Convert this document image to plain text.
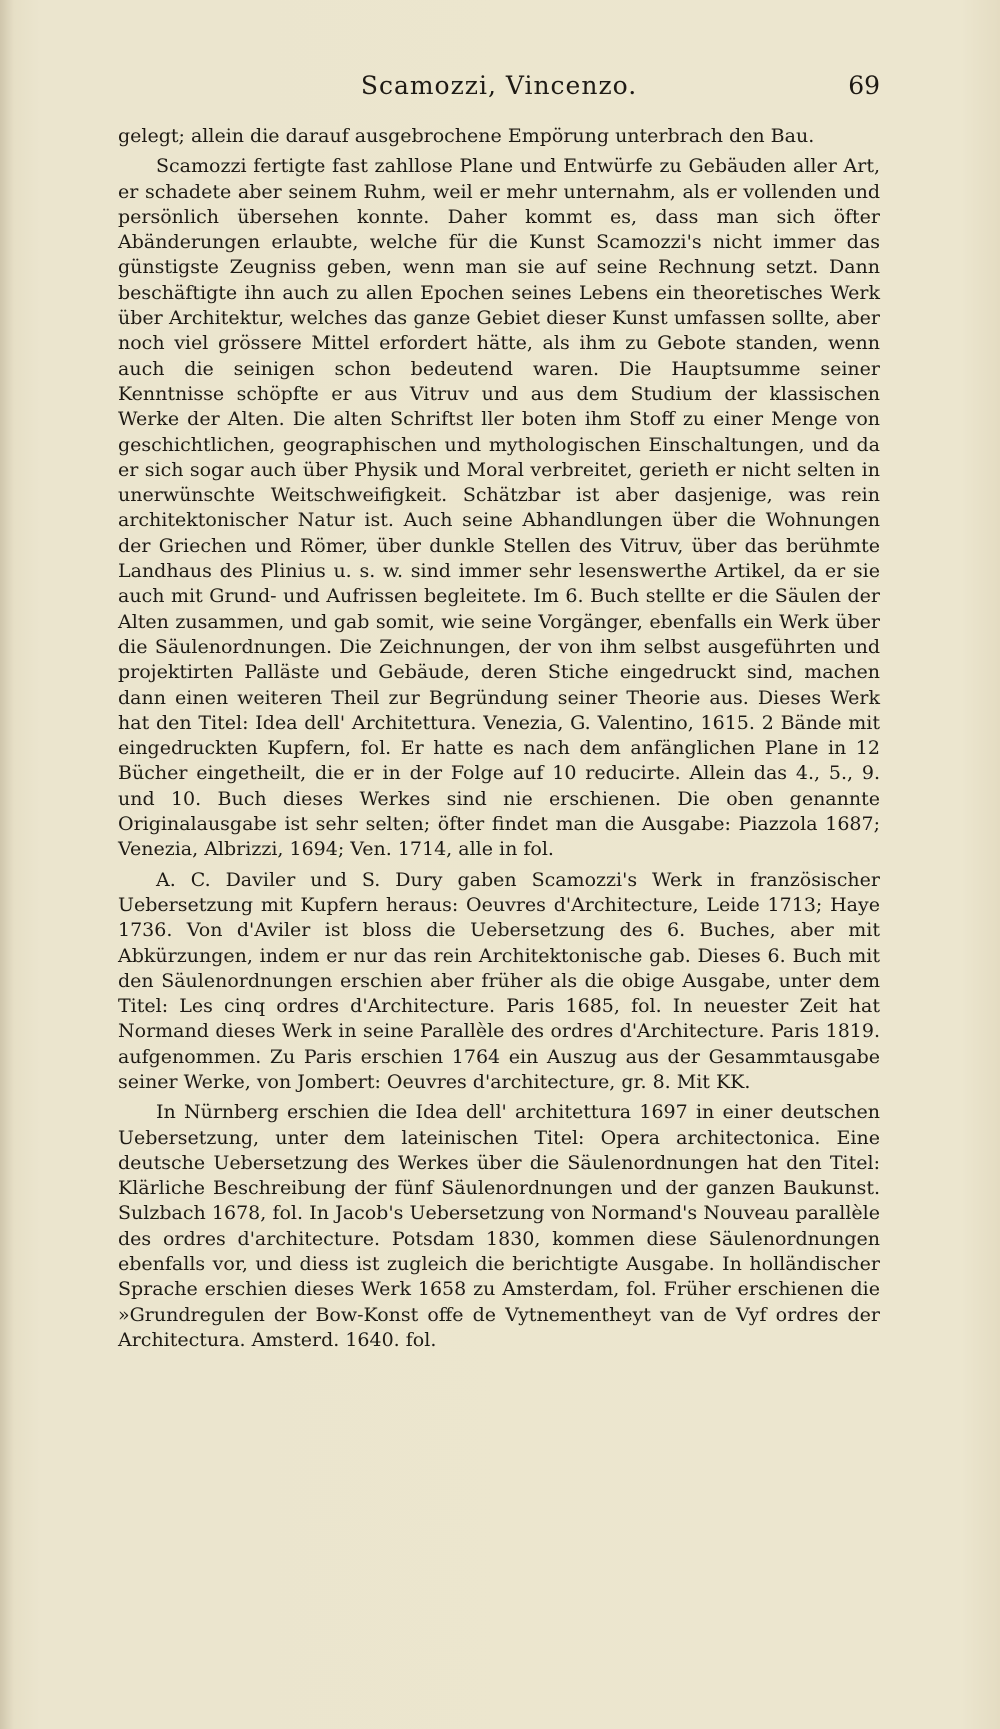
Scamozzi, Vincenzo.	69

gelegt; allein die darauf ausgebrochene Empörung unterbrach den Bau.

Scamozzi fertigte fast zahllose Plane und Entwürfe zu Gebäuden aller Art, er schadete aber seinem Ruhm, weil er mehr unternahm, als er vollenden und persönlich übersehen konnte. Daher kommt es, dass man sich öfter Abänderungen erlaubte, welche für die Kunst Scamozzi's nicht immer das günstigste Zeugniss geben, wenn man sie auf seine Rechnung setzt. Dann beschäftigte ihn auch zu allen Epochen seines Lebens ein theoretisches Werk über Architektur, welches das ganze Gebiet dieser Kunst umfassen sollte, aber noch viel grössere Mittel erfordert hätte, als ihm zu Gebote standen, wenn auch die seinigen schon bedeutend waren. Die Hauptsumme seiner Kenntnisse schöpfte er aus Vitruv und aus dem Studium der klassischen Werke der Alten. Die alten Schriftst ller boten ihm Stoff zu einer Menge von geschichtlichen, geographischen und mythologischen Einschaltungen, und da er sich sogar auch über Physik und Moral verbreitet, gerieth er nicht selten in unerwünschte Weitschweifigkeit. Schätzbar ist aber dasjenige, was rein architektonischer Natur ist. Auch seine Abhandlungen über die Wohnungen der Griechen und Römer, über dunkle Stellen des Vitruv, über das berühmte Landhaus des Plinius u. s. w. sind immer sehr lesenswerthe Artikel, da er sie auch mit Grund- und Aufrissen begleitete. Im 6. Buch stellte er die Säulen der Alten zusammen, und gab somit, wie seine Vorgänger, ebenfalls ein Werk über die Säulenordnungen. Die Zeichnungen, der von ihm selbst ausgeführten und projektirten Palläste und Gebäude, deren Stiche eingedruckt sind, machen dann einen weiteren Theil zur Begründung seiner Theorie aus. Dieses Werk hat den Titel: Idea dell' Architettura. Venezia, G. Valentino, 1615. 2 Bände mit eingedruckten Kupfern, fol. Er hatte es nach dem anfänglichen Plane in 12 Bücher eingetheilt, die er in der Folge auf 10 reducirte. Allein das 4., 5., 9. und 10. Buch dieses Werkes sind nie erschienen. Die oben genannte Originalausgabe ist sehr selten; öfter findet man die Ausgabe: Piazzola 1687; Venezia, Albrizzi, 1694; Ven. 1714, alle in fol.

A. C. Daviler und S. Dury gaben Scamozzi's Werk in französischer Uebersetzung mit Kupfern heraus: Oeuvres d'Architecture, Leide 1713; Haye 1736. Von d'Aviler ist bloss die Uebersetzung des 6. Buches, aber mit Abkürzungen, indem er nur das rein Architektonische gab. Dieses 6. Buch mit den Säulenordnungen erschien aber früher als die obige Ausgabe, unter dem Titel: Les cinq ordres d'Architecture. Paris 1685, fol. In neuester Zeit hat Normand dieses Werk in seine Parallèle des ordres d'Architecture. Paris 1819. aufgenommen. Zu Paris erschien 1764 ein Auszug aus der Gesammtausgabe seiner Werke, von Jombert: Oeuvres d'architecture, gr. 8. Mit KK.

In Nürnberg erschien die Idea dell' architettura 1697 in einer deutschen Uebersetzung, unter dem lateinischen Titel: Opera architectonica. Eine deutsche Uebersetzung des Werkes über die Säulenordnungen hat den Titel: Klärliche Beschreibung der fünf Säulenordnungen und der ganzen Baukunst. Sulzbach 1678, fol. In Jacob's Uebersetzung von Normand's Nouveau parallèle des ordres d'architecture. Potsdam 1830, kommen diese Säulenordnungen ebenfalls vor, und diess ist zugleich die berichtigte Ausgabe. In holländischer Sprache erschien dieses Werk 1658 zu Amsterdam, fol. Früher erschienen die »Grundregulen der Bow-Konst offe de Vytnementheyt van de Vyf ordres der Architectura. Amsterd. 1640. fol.
